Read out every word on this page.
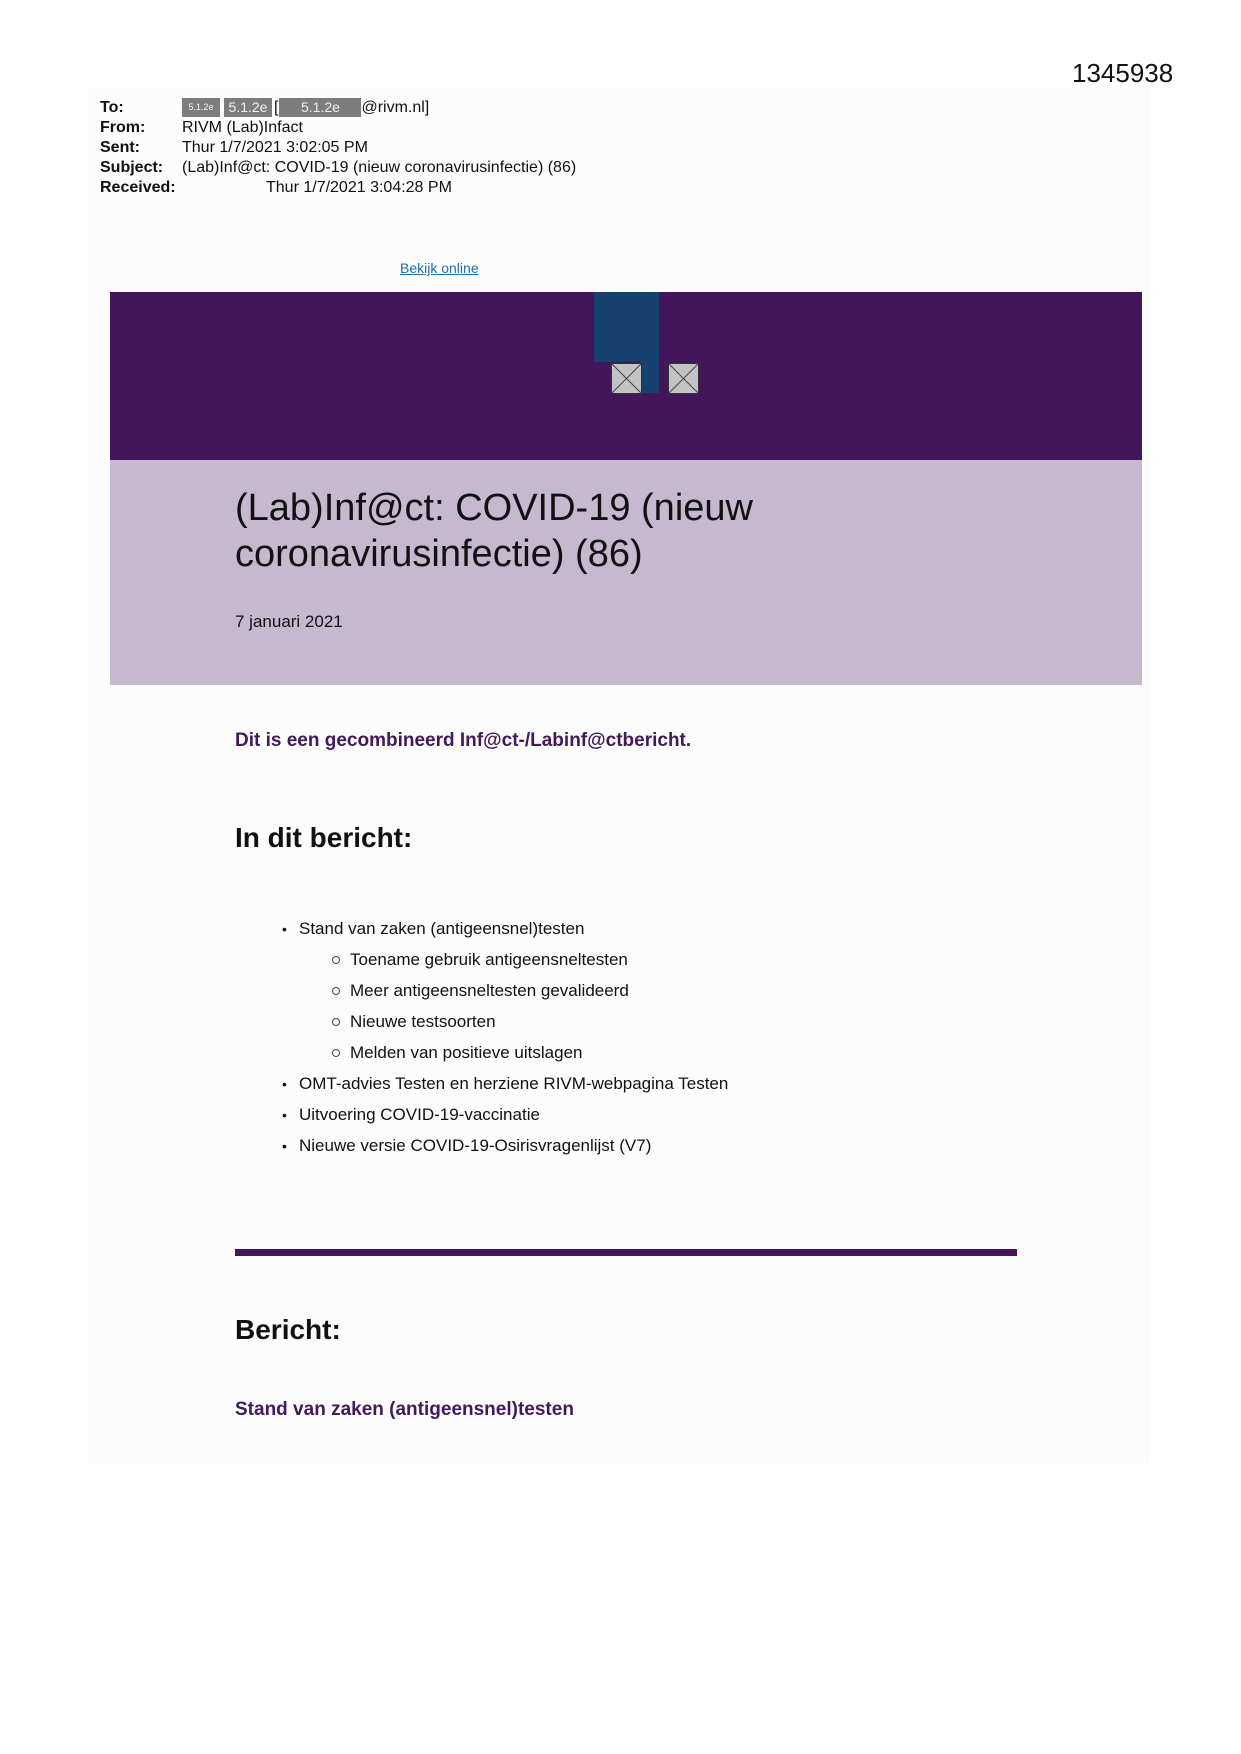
1345938
To:	5.1.2e 5.1.2e [ 5.1.2e @rivm.nl]
From:	RIVM (Lab)Infact
Sent:	Thur 1/7/2021 3:02:05 PM
Subject:	(Lab)Inf@ct: COVID-19 (nieuw coronavirusinfectie) (86)
Received:	Thur 1/7/2021 3:04:28 PM
Bekijk online
(Lab)Inf@ct: COVID-19 (nieuw coronavirusinfectie) (86)
7 januari 2021
Dit is een gecombineerd Inf@ct-/Labinf@ctbericht.
In dit bericht:
• Stand van zaken (antigeensnel)testen
Toename gebruik antigeensneltesten
Meer antigeensneltesten gevalideerd
Nieuwe testsoorten
Melden van positieve uitslagen
• OMT-advies Testen en herziene RIVM-webpagina Testen
• Uitvoering COVID-19-vaccinatie
• Nieuwe versie COVID-19-Osirisvragenlijst (V7)
Bericht:
Stand van zaken (antigeensnel)testen
